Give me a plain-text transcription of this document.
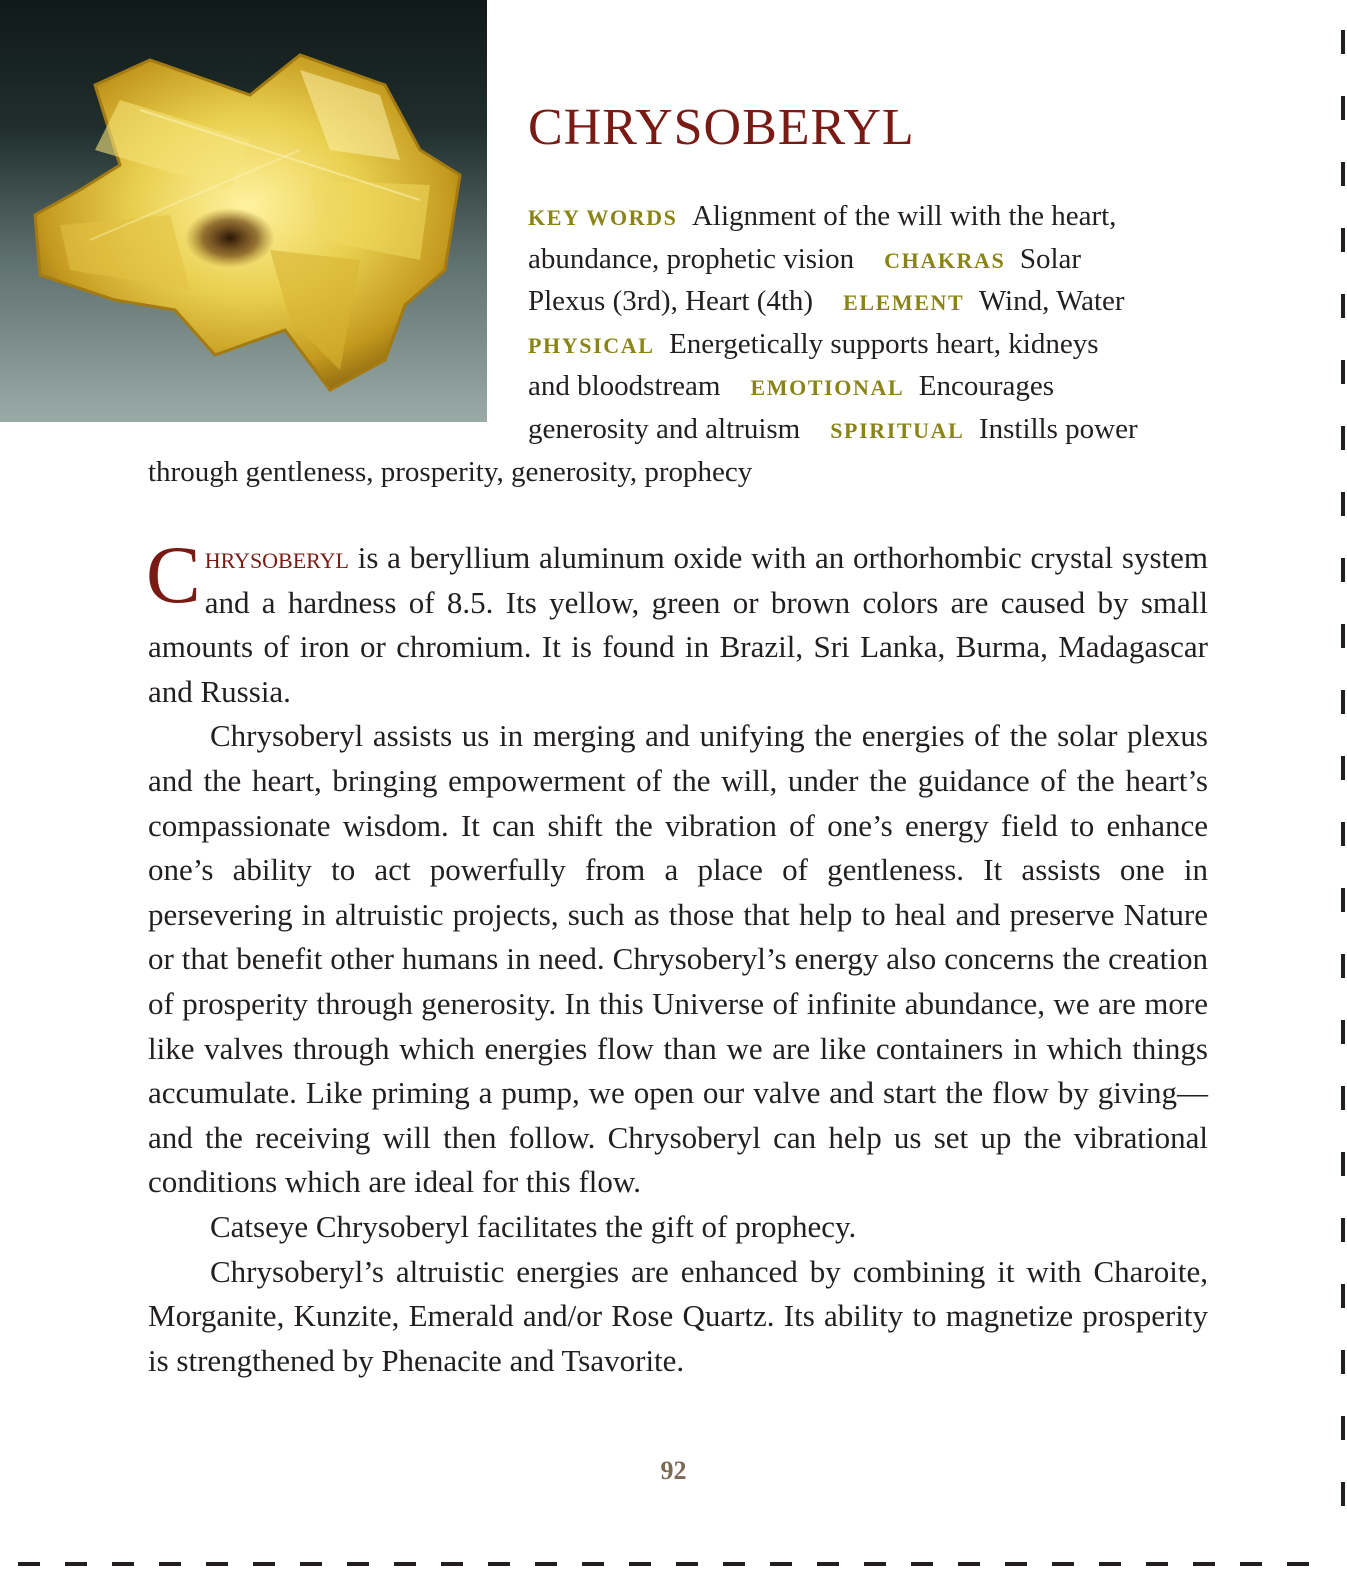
CHRYSOBERYL
KEY WORDS Alignment of the will with the heart,
abundance, prophetic vision CHAKRAS Solar
Plexus (3rd), Heart (4th) ELEMENT Wind, Water
PHYSICAL Energetically supports heart, kidneys
and bloodstream EMOTIONAL Encourages
generosity and altruism SPIRITUAL Instills power
through gentleness, prosperity, generosity, prophecy

Chrysoberyl is a beryllium aluminum oxide with an orthorhombic crystal system and a hardness of 8.5. Its yellow, green or brown colors are caused by small amounts of iron or chromium. It is found in Brazil, Sri Lanka, Burma, Madagascar and Russia.

Chrysoberyl assists us in merging and unifying the energies of the solar plexus and the heart, bringing empowerment of the will, under the guidance of the heart’s compassionate wisdom. It can shift the vibration of one’s energy field to enhance one’s ability to act powerfully from a place of gentleness. It assists one in persevering in altruistic projects, such as those that help to heal and preserve Nature or that benefit other humans in need. Chrysoberyl’s energy also concerns the creation of prosperity through generosity. In this Universe of infinite abundance, we are more like valves through which energies flow than we are like containers in which things accumulate. Like priming a pump, we open our valve and start the flow by giving—and the receiving will then follow. Chrysoberyl can help us set up the vibrational conditions which are ideal for this flow.

Catseye Chrysoberyl facilitates the gift of prophecy.

Chrysoberyl’s altruistic energies are enhanced by combining it with Charoite, Morganite, Kunzite, Emerald and/or Rose Quartz. Its ability to magnetize prosperity is strengthened by Phenacite and Tsavorite.

92
